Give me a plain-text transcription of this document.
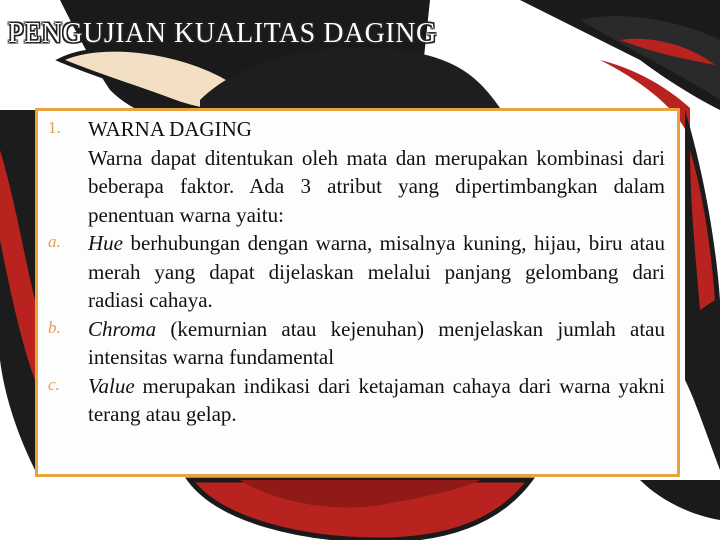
PENGUJIAN KUALITAS DAGING
1. WARNA DAGING
Warna dapat ditentukan oleh mata dan merupakan kombinasi dari beberapa faktor. Ada 3 atribut yang dipertimbangkan dalam penentuan warna yaitu:
a. Hue berhubungan dengan warna, misalnya kuning, hijau, biru atau merah yang dapat dijelaskan melalui panjang gelombang dari radiasi cahaya.
b. Chroma (kemurnian atau kejenuhan) menjelaskan jumlah atau intensitas warna fundamental
c. Value merupakan indikasi dari ketajaman cahaya dari warna yakni terang atau gelap.
